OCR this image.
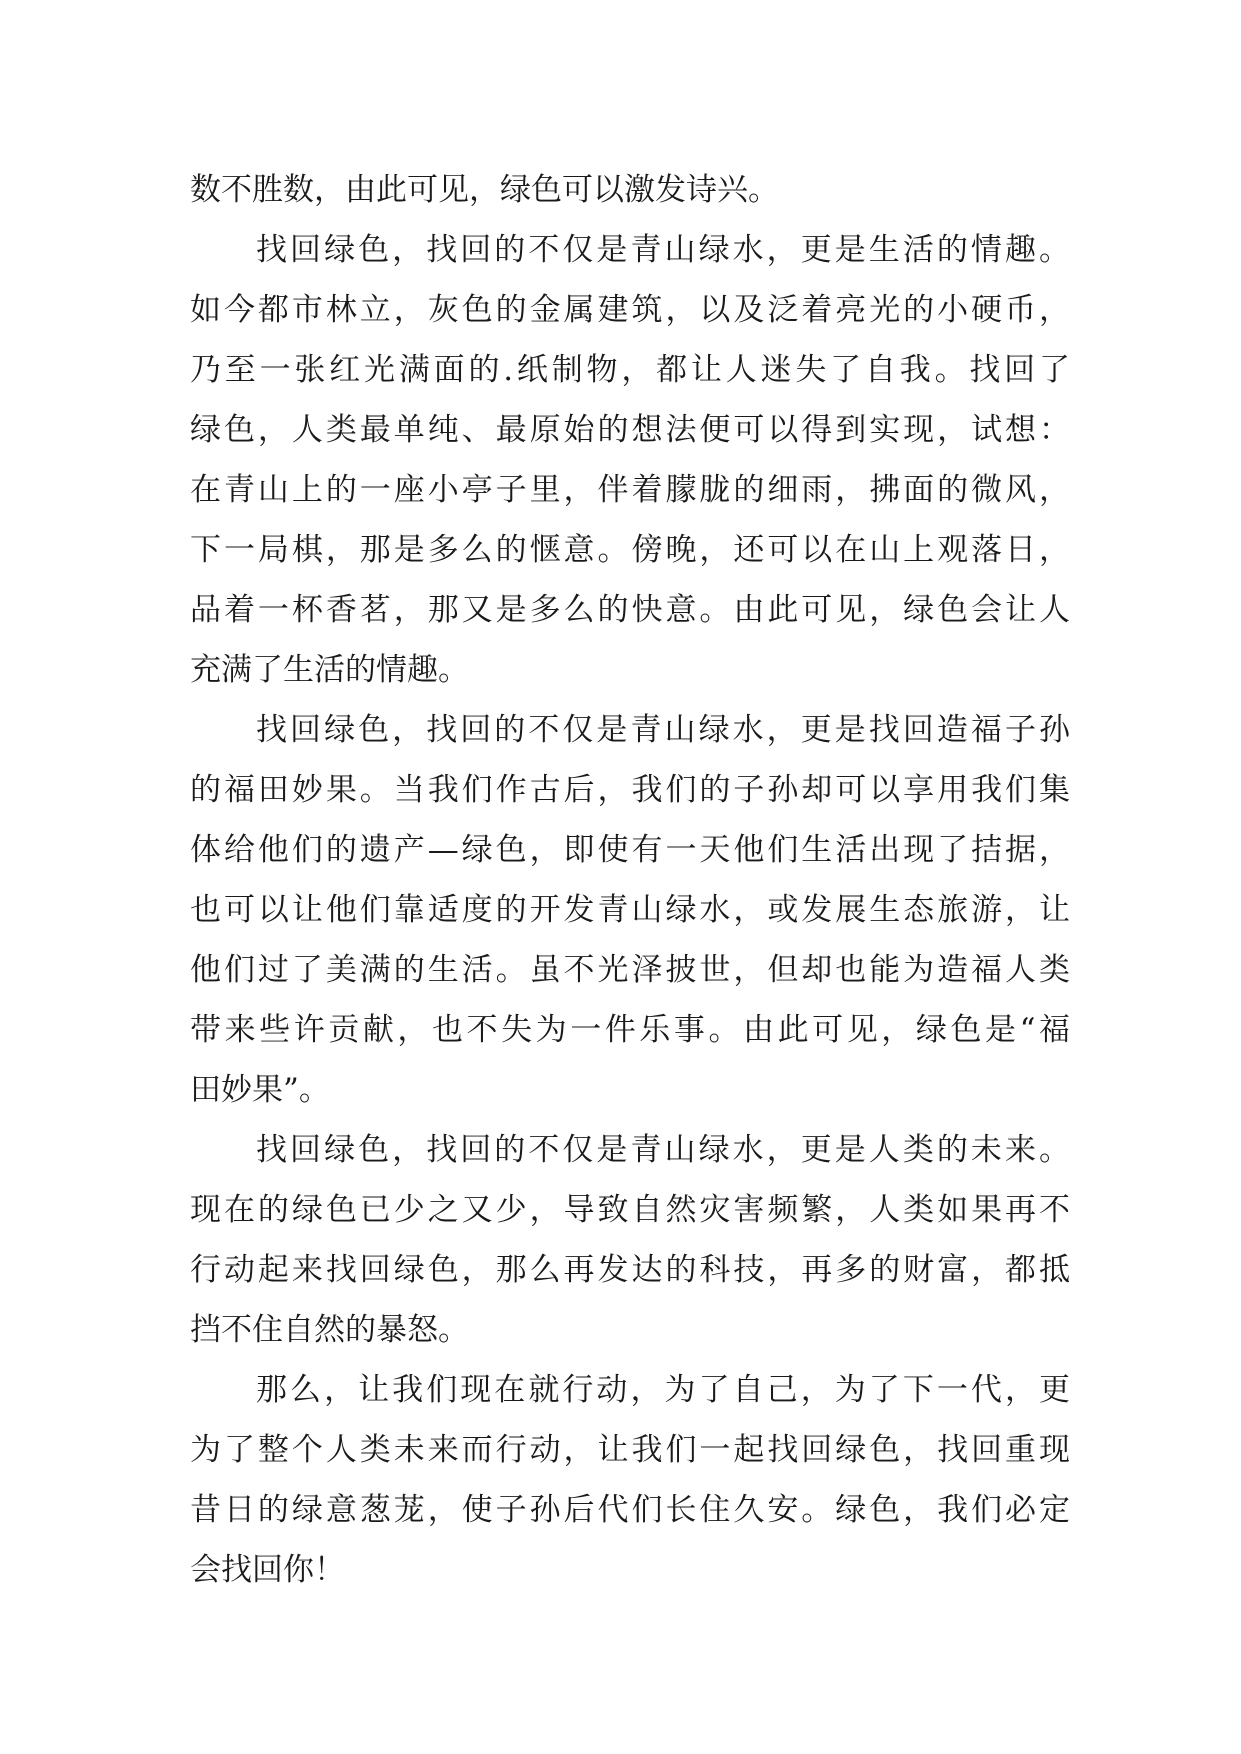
数不胜数，由此可见，绿色可以激发诗兴。
找回绿色，找回的不仅是青山绿水，更是生活的情趣。
如今都市林立，灰色的金属建筑，以及泛着亮光的小硬币，
乃至一张红光满面的.纸制物，都让人迷失了自我。找回了
绿色，人类最单纯、最原始的想法便可以得到实现，试想：
在青山上的一座小亭子里，伴着朦胧的细雨，拂面的微风，
下一局棋，那是多么的惬意。傍晚，还可以在山上观落日，
品着一杯香茗，那又是多么的快意。由此可见，绿色会让人
充满了生活的情趣。
找回绿色，找回的不仅是青山绿水，更是找回造福子孙
的福田妙果。当我们作古后，我们的子孙却可以享用我们集
体给他们的遗产—绿色，即使有一天他们生活出现了拮据，
也可以让他们靠适度的开发青山绿水，或发展生态旅游，让
他们过了美满的生活。虽不光泽披世，但却也能为造福人类
带来些许贡献，也不失为一件乐事。由此可见，绿色是“福
田妙果”。
找回绿色，找回的不仅是青山绿水，更是人类的未来。
现在的绿色已少之又少，导致自然灾害频繁，人类如果再不
行动起来找回绿色，那么再发达的科技，再多的财富，都抵
挡不住自然的暴怒。
那么，让我们现在就行动，为了自己，为了下一代，更
为了整个人类未来而行动，让我们一起找回绿色，找回重现
昔日的绿意葱茏，使子孙后代们长住久安。绿色，我们必定
会找回你！
